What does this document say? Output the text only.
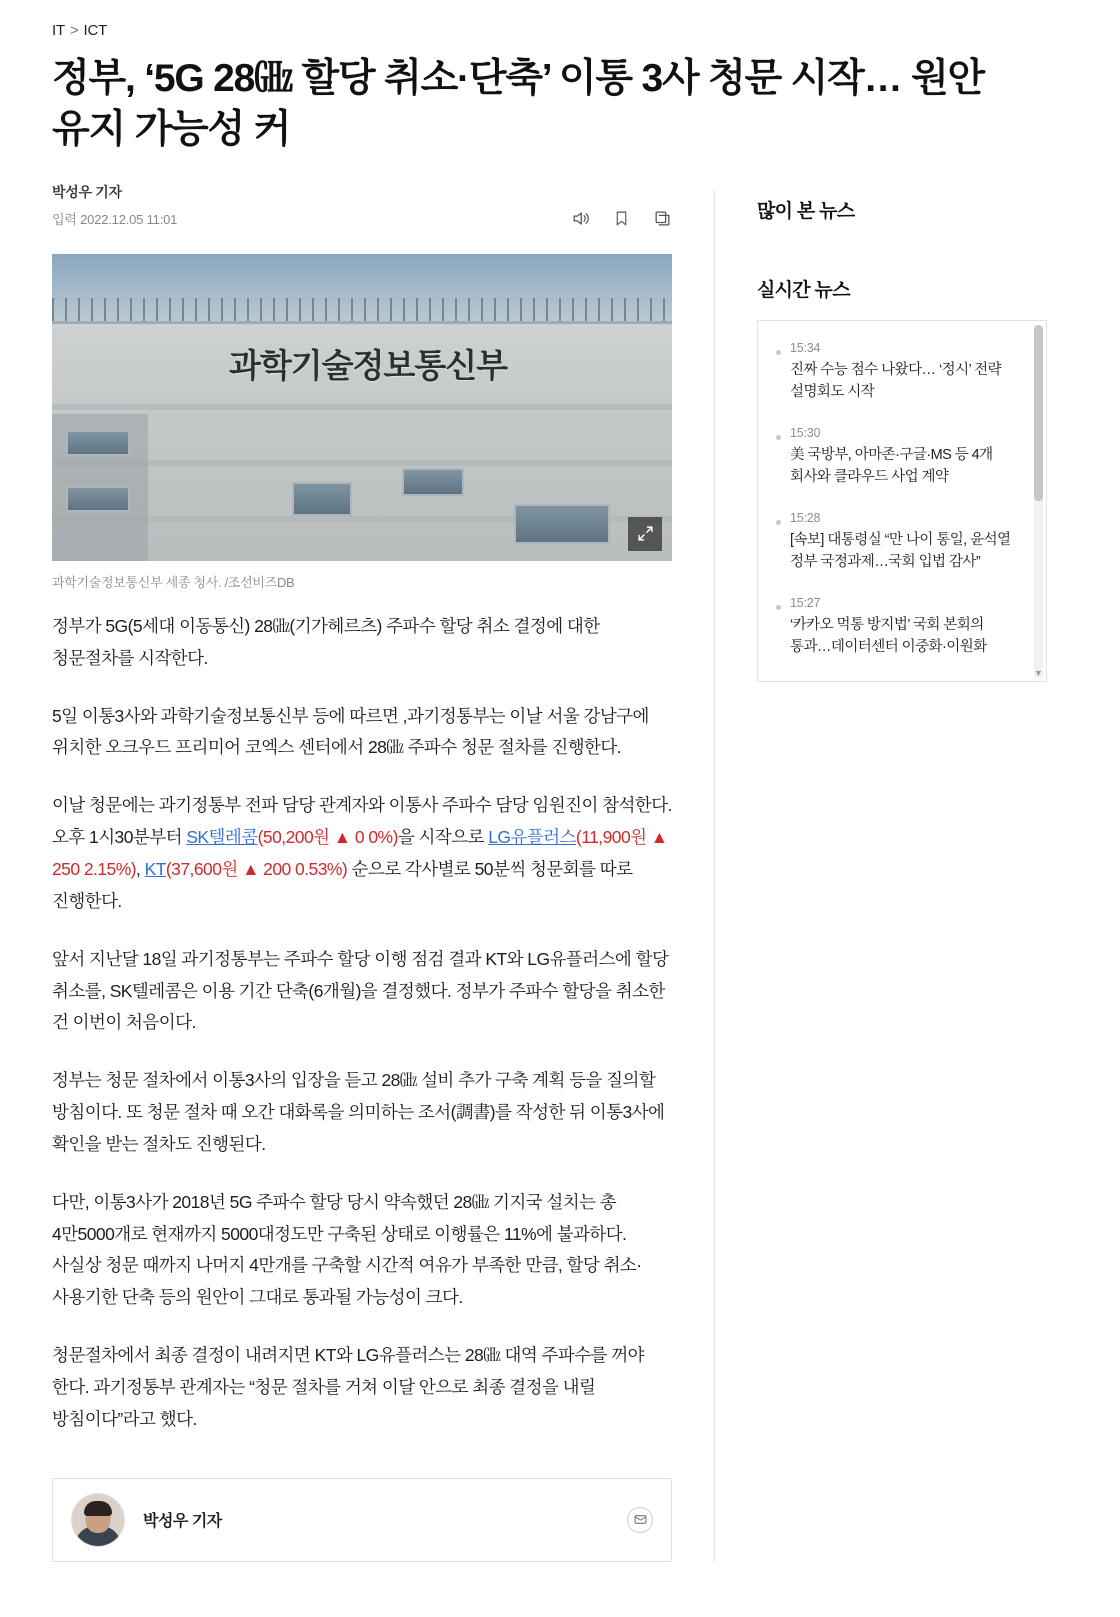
IT > ICT
정부, ‘5G 28㎓ 할당 취소·단축’ 이통 3사 청문 시작… 원안 유지 가능성 커
박성우 기자
입력 2022.12.05 11:01
과학기술정보통신부
과학기술정보통신부 세종 청사. /조선비즈DB

정부가 5G(5세대 이동통신) 28㎓(기가헤르츠) 주파수 할당 취소 결정에 대한 청문절차를 시작한다.

5일 이통3사와 과학기술정보통신부 등에 따르면 ,과기정통부는 이날 서울 강남구에 위치한 오크우드 프리미어 코엑스 센터에서 28㎓ 주파수 청문 절차를 진행한다.

이날 청문에는 과기정통부 전파 담당 관계자와 이통사 주파수 담당 임원진이 참석한다. 오후 1시30분부터 SK텔레콤(50,200원 ▲ 0 0%)을 시작으로 LG유플러스(11,900원 ▲ 250 2.15%), KT(37,600원 ▲ 200 0.53%) 순으로 각사별로 50분씩 청문회를 따로 진행한다.

앞서 지난달 18일 과기정통부는 주파수 할당 이행 점검 결과 KT와 LG유플러스에 할당 취소를, SK텔레콤은 이용 기간 단축(6개월)을 결정했다. 정부가 주파수 할당을 취소한 건 이번이 처음이다.

정부는 청문 절차에서 이통3사의 입장을 듣고 28㎓ 설비 추가 구축 계획 등을 질의할 방침이다. 또 청문 절차 때 오간 대화록을 의미하는 조서(調書)를 작성한 뒤 이통3사에 확인을 받는 절차도 진행된다.

다만, 이통3사가 2018년 5G 주파수 할당 당시 약속했던 28㎓ 기지국 설치는 총 4만5000개로 현재까지 5000대정도만 구축된 상태로 이행률은 11%에 불과하다. 사실상 청문 때까지 나머지 4만개를 구축할 시간적 여유가 부족한 만큼, 할당 취소·사용기한 단축 등의 원안이 그대로 통과될 가능성이 크다.

청문절차에서 최종 결정이 내려지면 KT와 LG유플러스는 28㎓ 대역 주파수를 꺼야 한다. 과기정통부 관계자는 “청문 절차를 거쳐 이달 안으로 최종 결정을 내릴 방침이다”라고 했다.

박성우 기자
많이 본 뉴스
실시간 뉴스
15:34
진짜 수능 점수 나왔다… ‘정시’ 전략 설명회도 시작
15:30
美 국방부, 아마존·구글·MS 등 4개 회사와 클라우드 사업 계약
15:28
[속보] 대통령실 “만 나이 통일, 윤석열 정부 국정과제…국회 입법 감사”
15:27
‘카카오 먹통 방지법’ 국회 본회의 통과…데이터센터 이중화·이원화
▼
